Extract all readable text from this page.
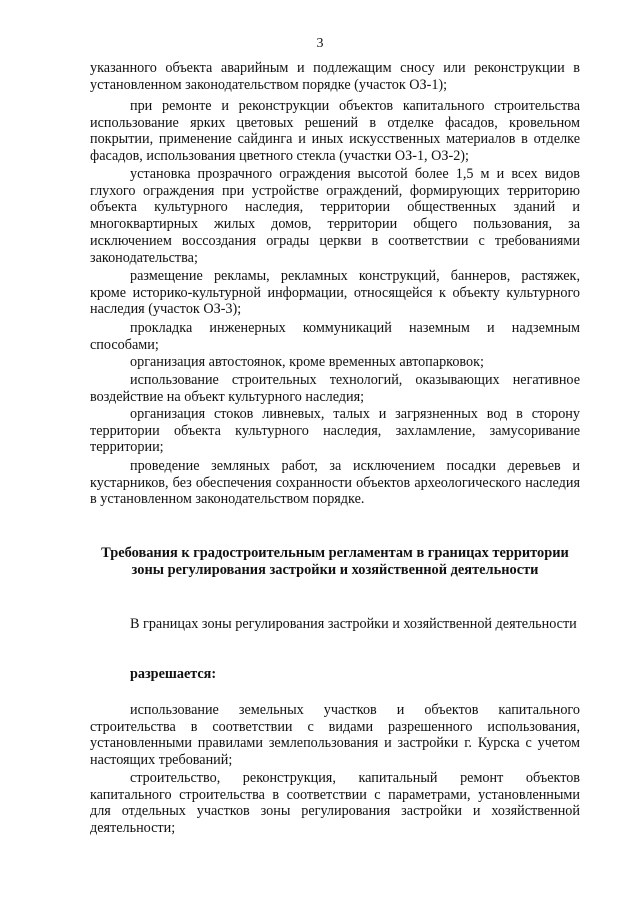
3

указанного объекта аварийным и подлежащим сносу или реконструкции в установленном законодательством порядке (участок ОЗ-1);

при ремонте и реконструкции объектов капитального строительства использование ярких цветовых решений в отделке фасадов, кровельном покрытии, применение сайдинга и иных искусственных материалов в отделке фасадов, использования цветного стекла (участки ОЗ-1, ОЗ-2);

установка прозрачного ограждения высотой более 1,5 м и всех видов глухого ограждения при устройстве ограждений, формирующих территорию объекта культурного наследия, территории общественных зданий и многоквартирных жилых домов, территории общего пользования, за исключением воссоздания ограды церкви в соответствии с требованиями законодательства;

размещение рекламы, рекламных конструкций, баннеров, растяжек, кроме историко-культурной информации, относящейся к объекту культурного наследия (участок ОЗ-3);

прокладка инженерных коммуникаций наземным и надземным способами;

организация автостоянок, кроме временных автопарковок;

использование строительных технологий, оказывающих негативное воздействие на объект культурного наследия;

организация стоков ливневых, талых и загрязненных вод в сторону территории объекта культурного наследия, захламление, замусоривание территории;

проведение земляных работ, за исключением посадки деревьев и кустарников, без обеспечения сохранности объектов археологического наследия в установленном законодательством порядке.

Требования к градостроительным регламентам в границах территории зоны регулирования застройки и хозяйственной деятельности

В границах зоны регулирования застройки и хозяйственной деятельности

разрешается:

использование земельных участков и объектов капитального строительства в соответствии с видами разрешенного использования, установленными правилами землепользования и застройки г. Курска с учетом настоящих требований;

строительство, реконструкция, капитальный ремонт объектов капитального строительства в соответствии с параметрами, установленными для отдельных участков зоны регулирования застройки и хозяйственной деятельности;
